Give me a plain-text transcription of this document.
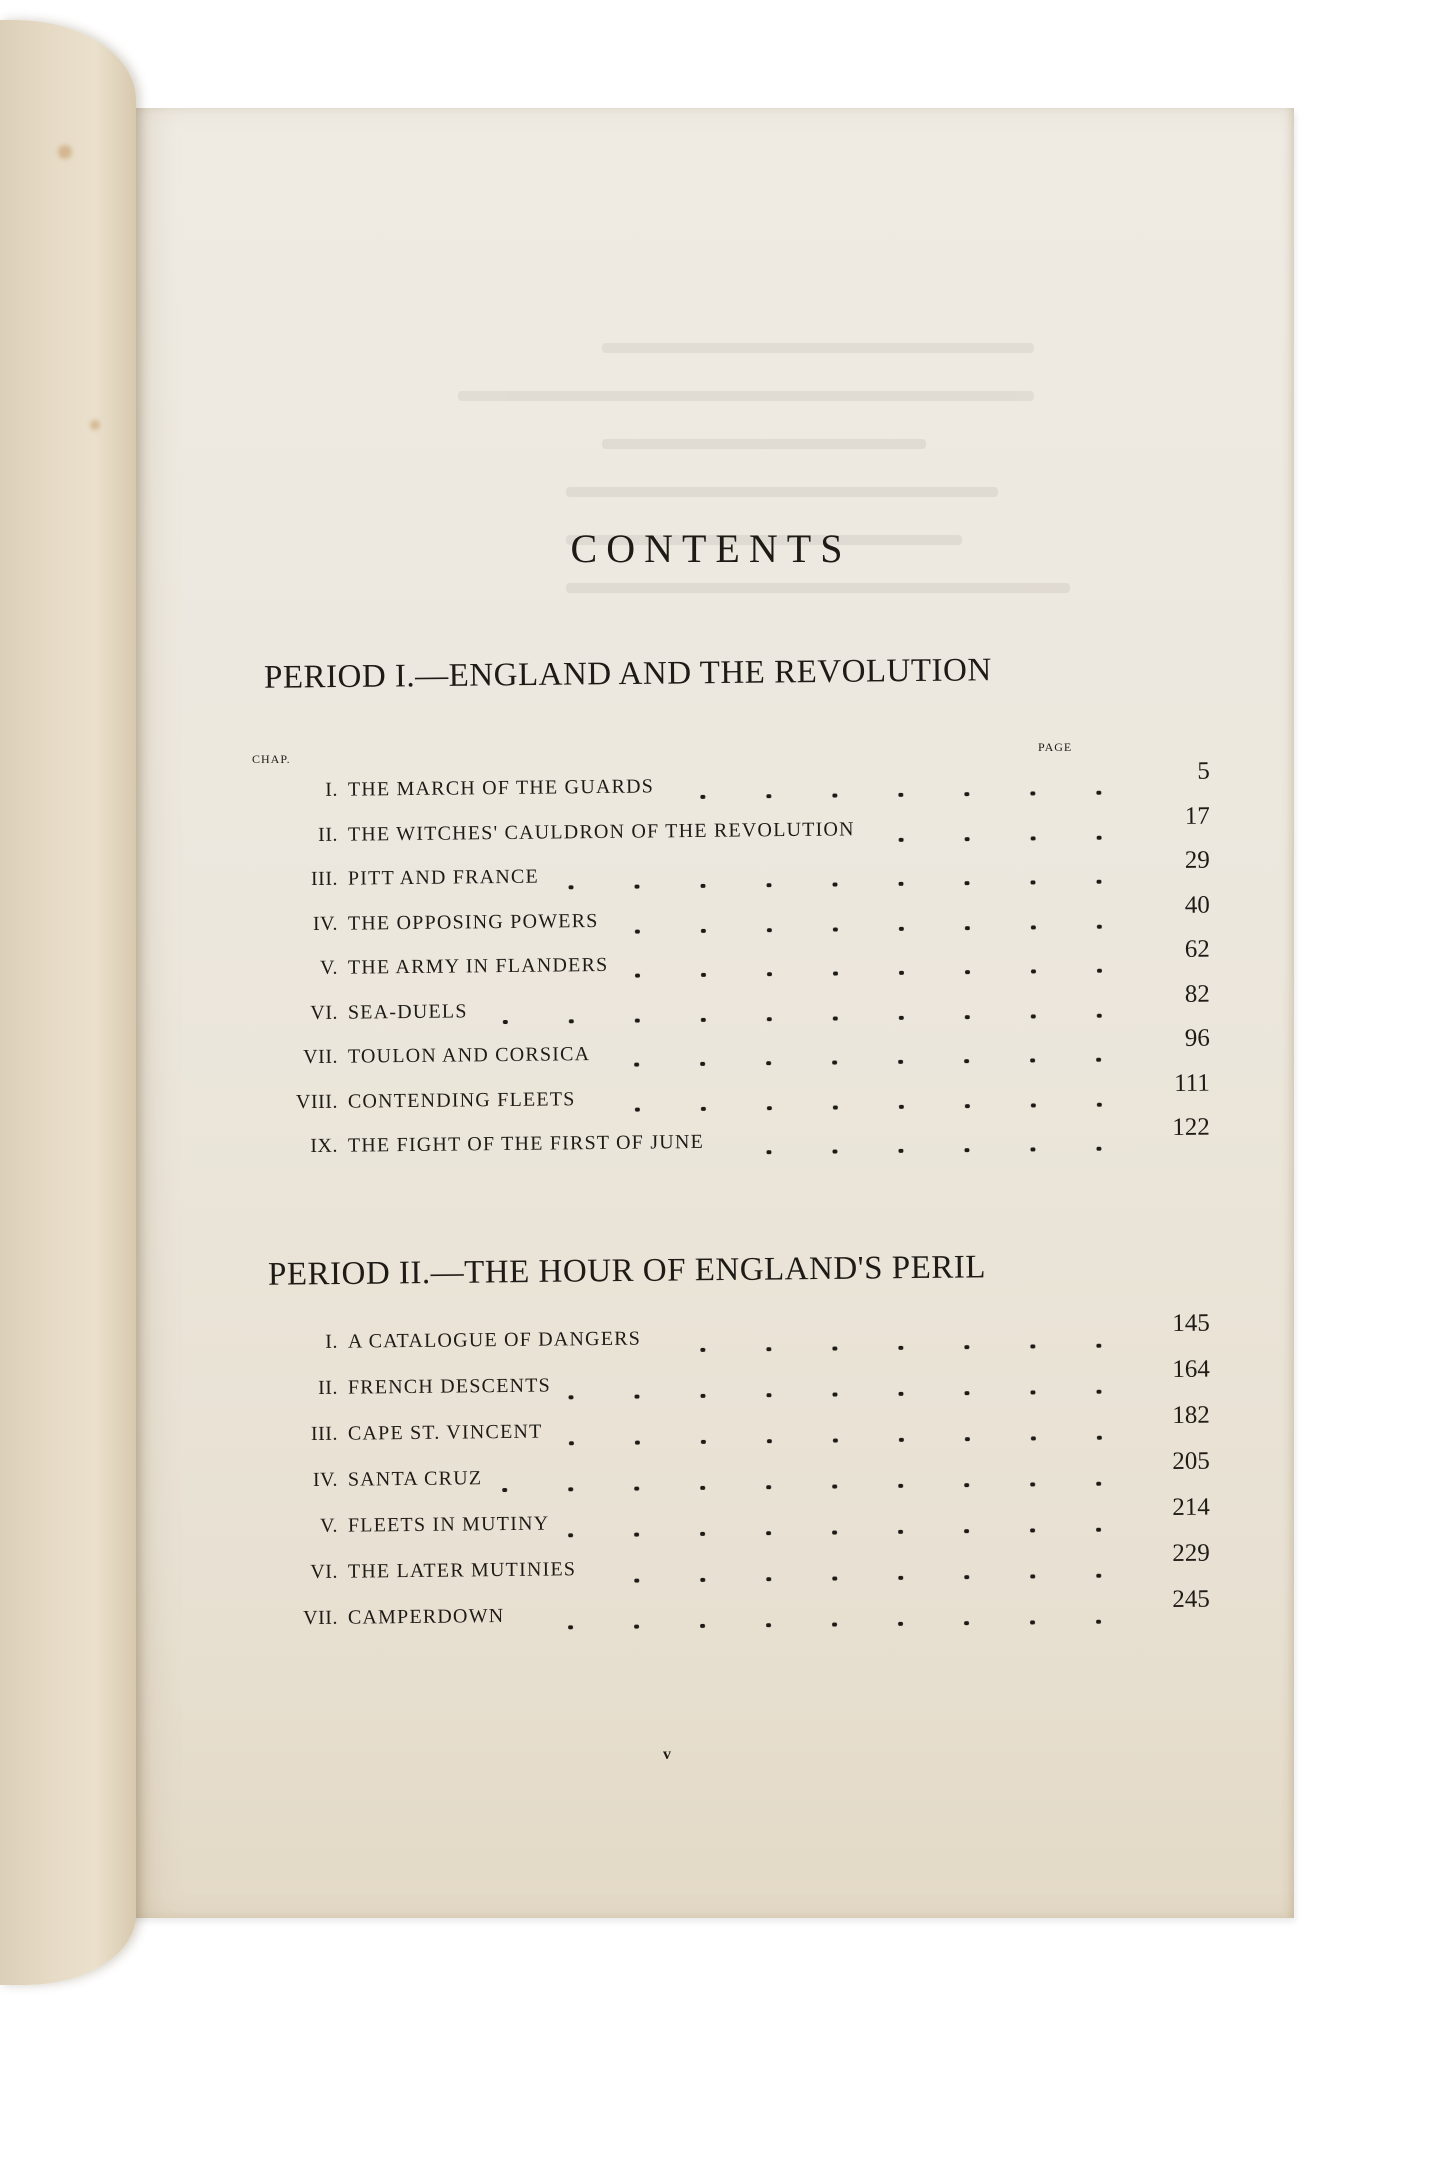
CONTENTS
PERIOD I.—ENGLAND AND THE REVOLUTION
CHAP.
PAGE
I. THE MARCH OF THE GUARDS
5
II. THE WITCHES' CAULDRON OF THE REVOLUTION
17
III. PITT AND FRANCE
29
IV. THE OPPOSING POWERS
40
V. THE ARMY IN FLANDERS
62
VI. SEA-DUELS
82
VII. TOULON AND CORSICA
96
VIII. CONTENDING FLEETS
111
IX. THE FIGHT OF THE FIRST OF JUNE
122
PERIOD II.—THE HOUR OF ENGLAND'S PERIL
I. A CATALOGUE OF DANGERS
145
II. FRENCH DESCENTS
164
III. CAPE ST. VINCENT
182
IV. SANTA CRUZ
205
V. FLEETS IN MUTINY
214
VI. THE LATER MUTINIES
229
VII. CAMPERDOWN
245
v
